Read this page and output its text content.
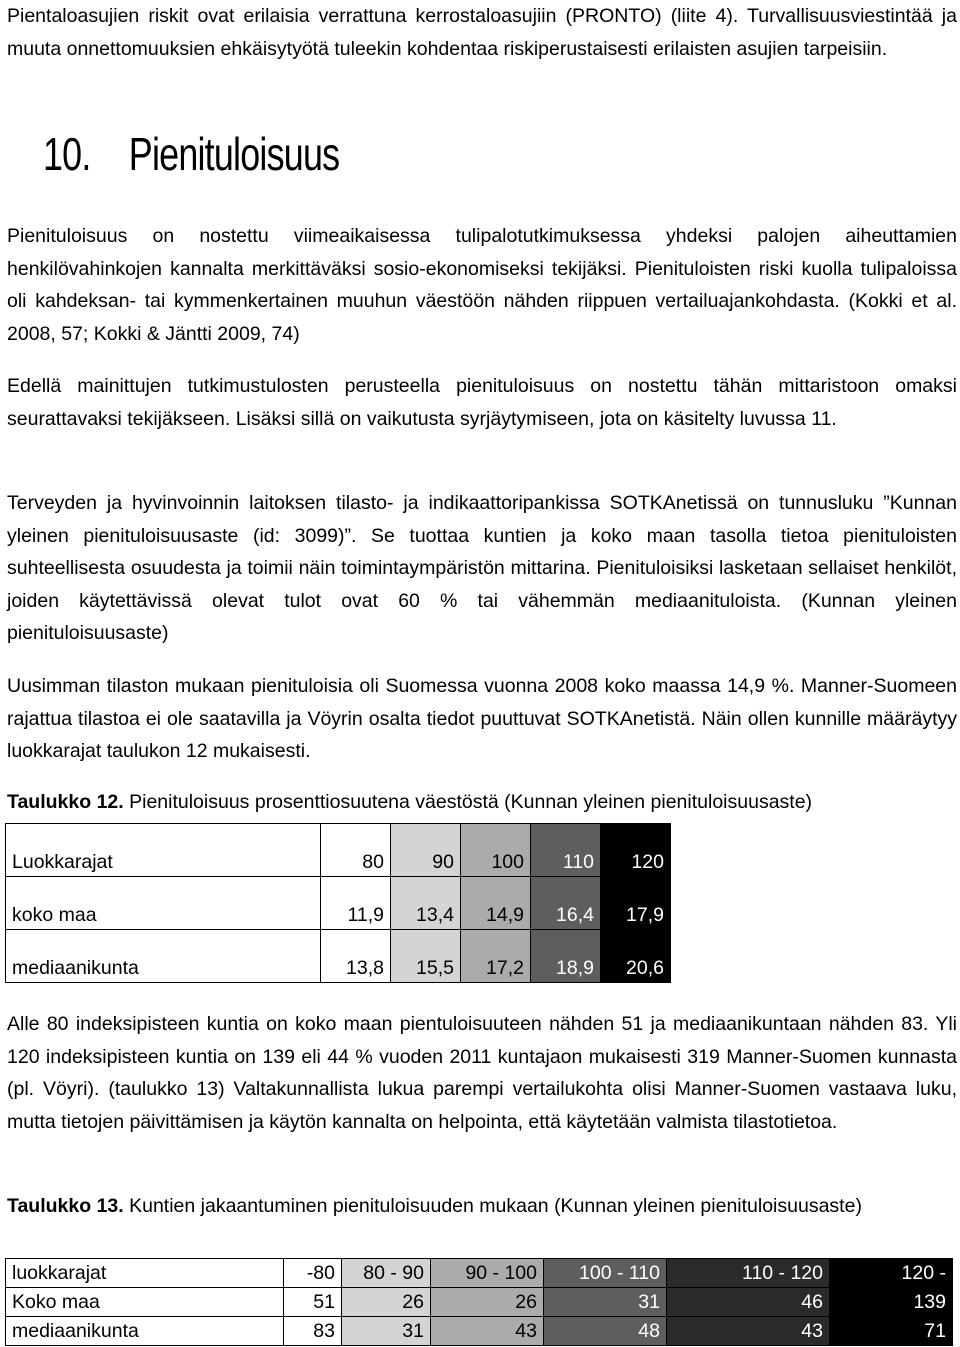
Pientaloasujien riskit ovat erilaisia verrattuna kerrostaloasujiin (PRONTO) (liite 4). Turvallisuusviestintää ja muuta onnettomuuksien ehkäisytyötä tuleekin kohdentaa riskiperustaisesti erilaisten asujien tarpeisiin.

10. Pienituloisuus

Pienituloisuus on nostettu viimeaikaisessa tulipalotutkimuksessa yhdeksi palojen aiheuttamien henkilövahinkojen kannalta merkittäväksi sosio-ekonomiseksi tekijäksi. Pienituloisten riski kuolla tulipaloissa oli kahdeksan- tai kymmenkertainen muuhun väestöön nähden riippuen vertailuajankohdasta. (Kokki et al. 2008, 57; Kokki & Jäntti 2009, 74)

Edellä mainittujen tutkimustulosten perusteella pienituloisuus on nostettu tähän mittaristoon omaksi seurattavaksi tekijäkseen. Lisäksi sillä on vaikutusta syrjäytymiseen, jota on käsitelty luvussa 11.

Terveyden ja hyvinvoinnin laitoksen tilasto- ja indikaattoripankissa SOTKAnetissä on tunnusluku ”Kunnan yleinen pienituloisuusaste (id: 3099)”. Se tuottaa kuntien ja koko maan tasolla tietoa pienituloisten suhteellisesta osuudesta ja toimii näin toimintaympäristön mittarina. Pienituloisiksi lasketaan sellaiset henkilöt, joiden käytettävissä olevat tulot ovat 60 % tai vähemmän mediaanituloista. (Kunnan yleinen pienituloisuusaste)

Uusimman tilaston mukaan pienituloisia oli Suomessa vuonna 2008 koko maassa 14,9 %. Manner-Suomeen rajattua tilastoa ei ole saatavilla ja Vöyrin osalta tiedot puuttuvat SOTKAnetistä. Näin ollen kunnille määräytyy luokkarajat taulukon 12 mukaisesti.

Taulukko 12. Pienituloisuus prosenttiosuutena väestöstä (Kunnan yleinen pienituloisuusaste)

Alle 80 indeksipisteen kuntia on koko maan pientuloisuuteen nähden 51 ja mediaanikuntaan nähden 83. Yli 120 indeksipisteen kuntia on 139 eli 44 % vuoden 2011 kuntajaon mukaisesti 319 Manner-Suomen kunnasta (pl. Vöyri). (taulukko 13) Valtakunnallista lukua parempi vertailukohta olisi Manner-Suomen vastaava luku, mutta tietojen päivittämisen ja käytön kannalta on helpointa, että käytetään valmista tilastotietoa.

Taulukko 13. Kuntien jakaantuminen pienituloisuuden mukaan (Kunnan yleinen pienituloisuusaste)
Luokkarajat	80	90	100	110	120
koko maa	11,9	13,4	14,9	16,4	17,9
mediaanikunta	13,8	15,5	17,2	18,9	20,6
luokkarajat	-80	80 - 90	90 - 100	100 - 110	110 - 120	120 -
Koko maa	51	26	26	31	46	139
mediaanikunta	83	31	43	48	43	71
